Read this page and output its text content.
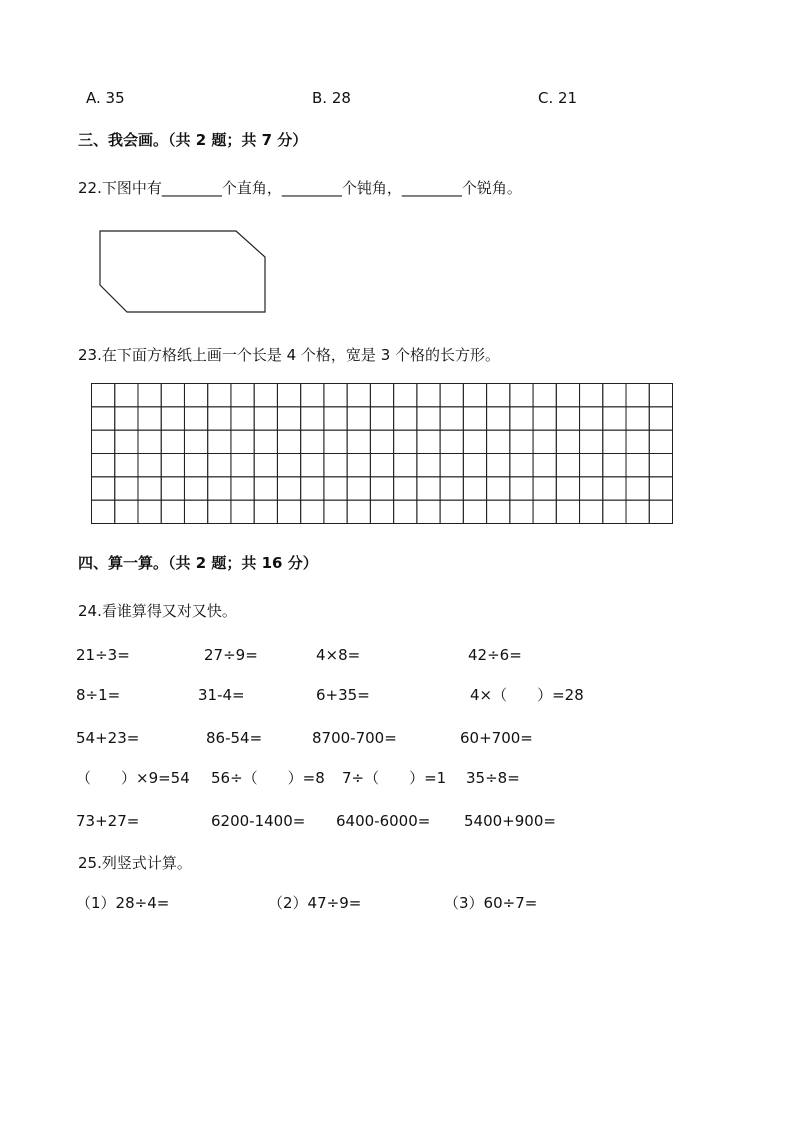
A. 35	B. 28	C. 21
三、我会画。（共 2 题；共 7 分）
22.下图中有________个直角，________个钝角，________个锐角。
23.在下面方格纸上画一个长是 4 个格，宽是 3 个格的长方形。
四、算一算。（共 2 题；共 16 分）
24.看谁算得又对又快。
21÷3=	27÷9=	4×8=	42÷6=
8÷1=	31-4=	6+35=	4×（　　）=28
54+23=	86-54=	8700-700=	60+700=
（　　）×9=54 56÷（　　）=8 7÷（　　）=1 35÷8=
73+27=	6200-1400= 6400-6000= 5400+900=
25.列竖式计算。
（1）28÷4=	（2）47÷9=	（3）60÷7=
